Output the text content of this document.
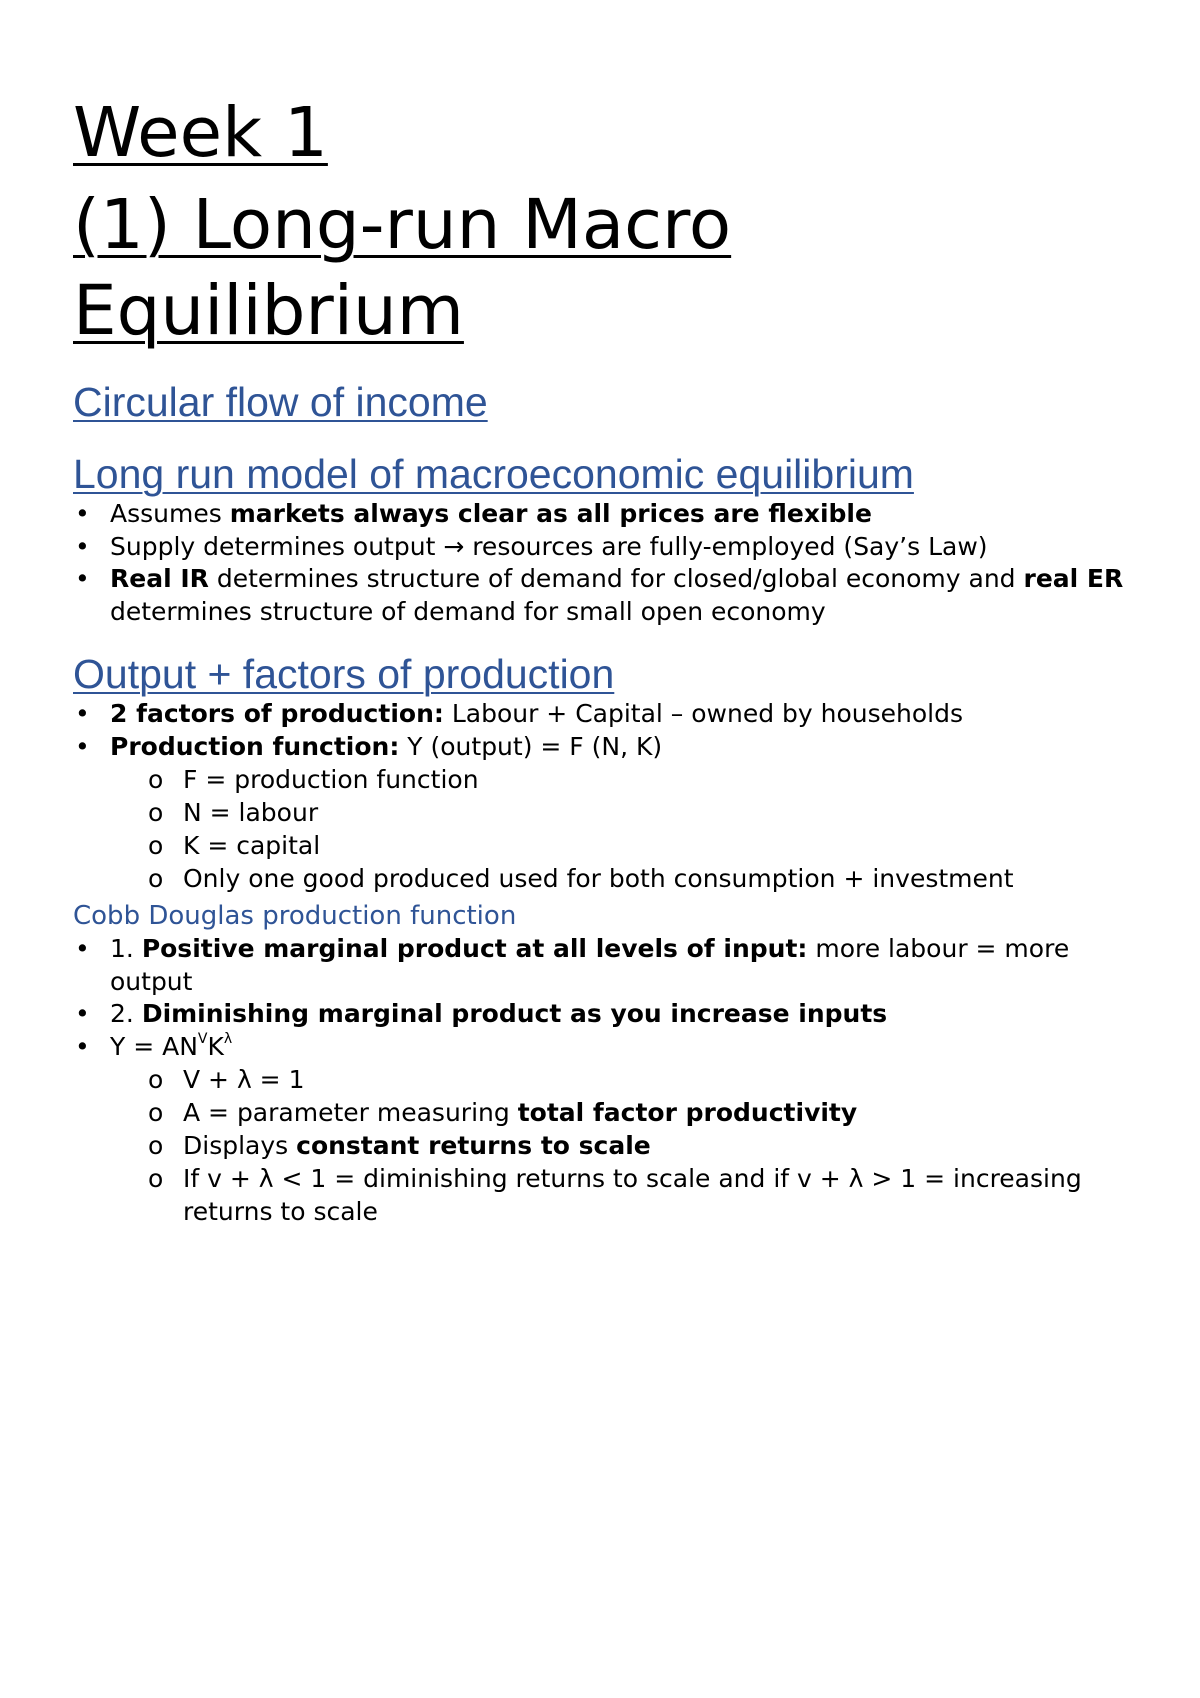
Week 1
(1) Long-run Macro Equilibrium
Circular flow of income
Long run model of macroeconomic equilibrium
• Assumes markets always clear as all prices are flexible
• Supply determines output → resources are fully-employed (Say’s Law)
• Real IR determines structure of demand for closed/global economy and real ER determines structure of demand for small open economy
Output + factors of production
• 2 factors of production: Labour + Capital – owned by households
• Production function: Y (output) = F (N, K)
o F = production function
o N = labour
o K = capital
o Only one good produced used for both consumption + investment
Cobb Douglas production function
• 1. Positive marginal product at all levels of input: more labour = more output
• 2. Diminishing marginal product as you increase inputs
• $Y = AN^VK^\lambda$
o V + λ = 1
o A = parameter measuring total factor productivity
o Displays constant returns to scale
o If v + λ < 1 = diminishing returns to scale and if v + λ > 1 = increasing returns to scale
